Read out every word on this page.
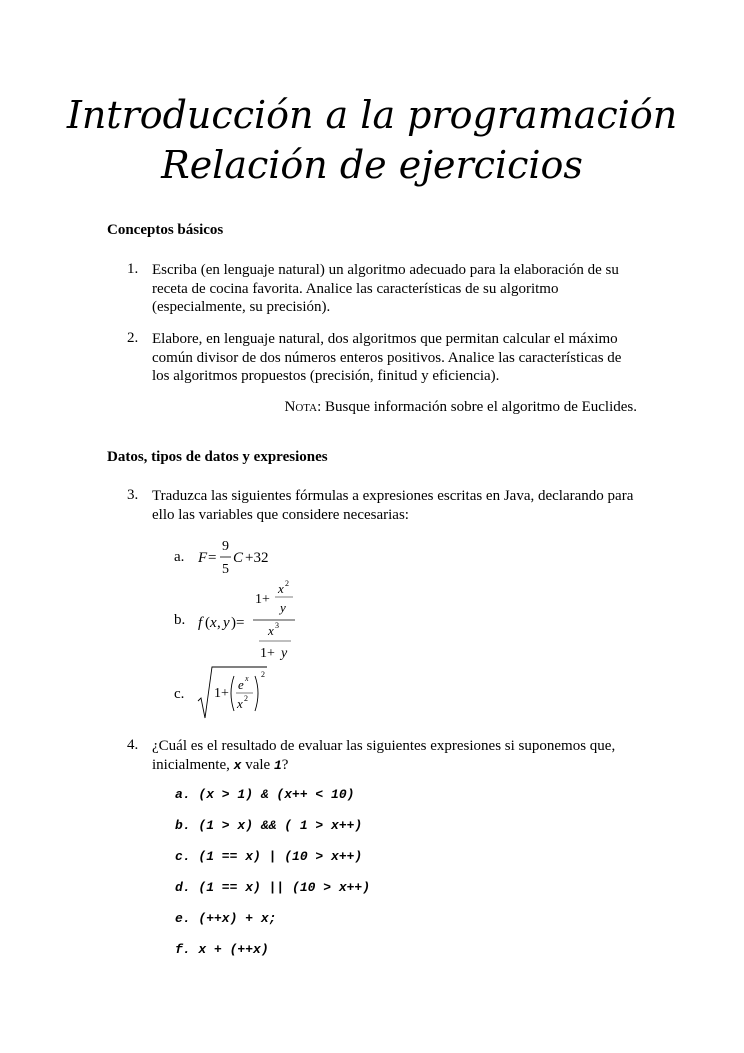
Introducción a la programación
Relación de ejercicios
Conceptos básicos
1. Escriba (en lenguaje natural) un algoritmo adecuado para la elaboración de su receta de cocina favorita. Analice las características de su algoritmo (especialmente, su precisión).

2. Elabore, en lenguaje natural, dos algoritmos que permitan calcular el máximo común divisor de dos números enteros positivos. Analice las características de los algoritmos propuestos (precisión, finitud y eficiencia).

Nota: Busque información sobre el algoritmo de Euclides.
Datos, tipos de datos y expresiones
3. Traduzca las siguientes fórmulas a expresiones escritas en Java, declarando para ello las variables que considere necesarias:

a. F =
9
5
C +32
b. f ( x , y )=
1+
x 2
y
x 3
1+ y
c. 1+
e x
x 2
2
4. ¿Cuál es el resultado de evaluar las siguientes expresiones si suponemos que, inicialmente, x vale 1?

a. (x > 1) & (x++ < 10)
b. (1 > x) && ( 1 > x++)
c. (1 == x) | (10 > x++)
d. (1 == x) || (10 > x++)
e. (++x) + x;
f. x + (++x)
